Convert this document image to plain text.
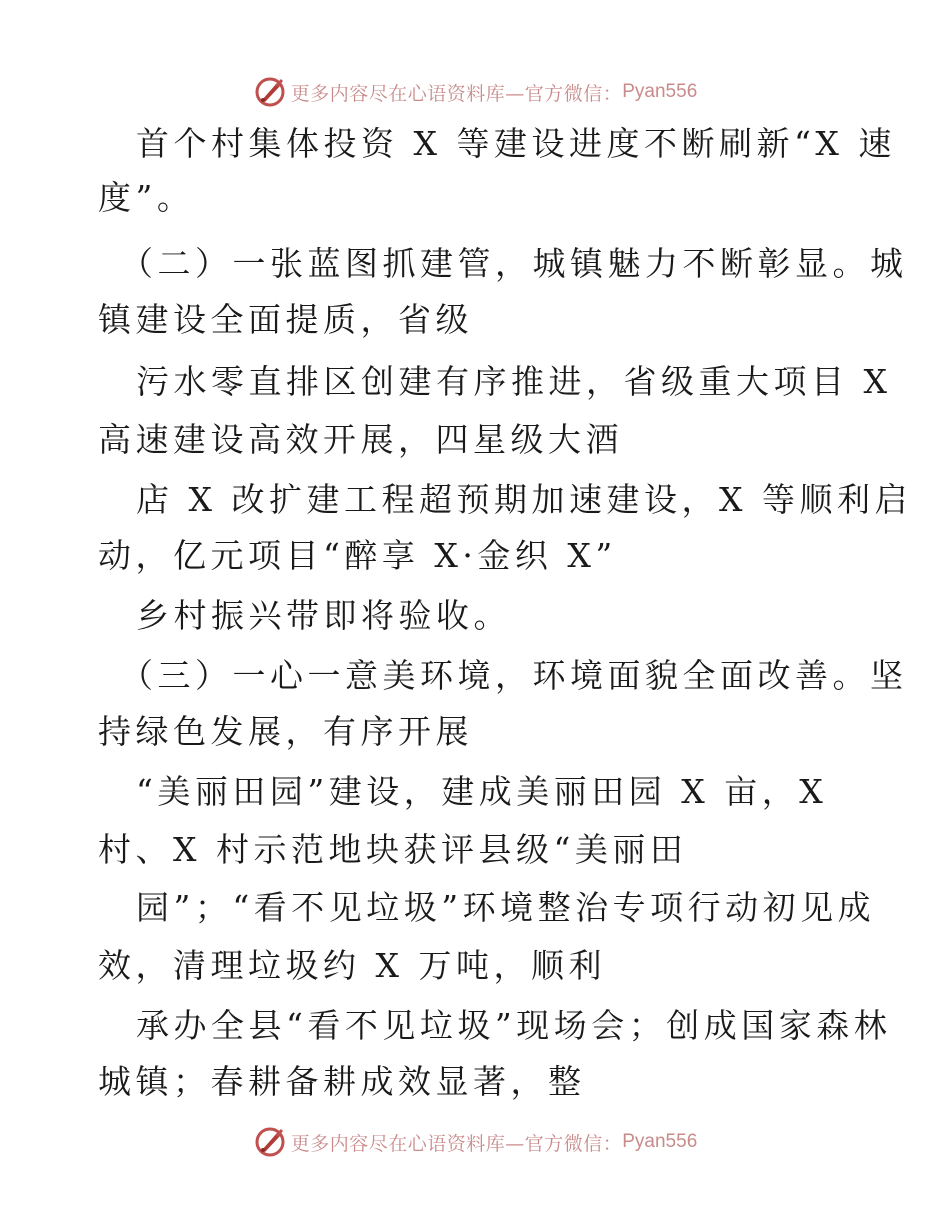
更多内容尽在心语资料库—官方微信： Pyan556
首个村集体投资 X 等建设进度不断刷新“X 速
度”。
（二）一张蓝图抓建管，城镇魅力不断彰显。城
镇建设全面提质，省级
污水零直排区创建有序推进，省级重大项目 X
高速建设高效开展，四星级大酒
店 X 改扩建工程超预期加速建设，X 等顺利启
动，亿元项目“醉享 X·金织 X”
乡村振兴带即将验收。
（三）一心一意美环境，环境面貌全面改善。坚
持绿色发展，有序开展
“美丽田园”建设，建成美丽田园 X 亩，X
村、X 村示范地块获评县级“美丽田
园”；“看不见垃圾”环境整治专项行动初见成
效，清理垃圾约 X 万吨，顺利
承办全县“看不见垃圾”现场会；创成国家森林
城镇；春耕备耕成效显著，整
更多内容尽在心语资料库—官方微信： Pyan556
